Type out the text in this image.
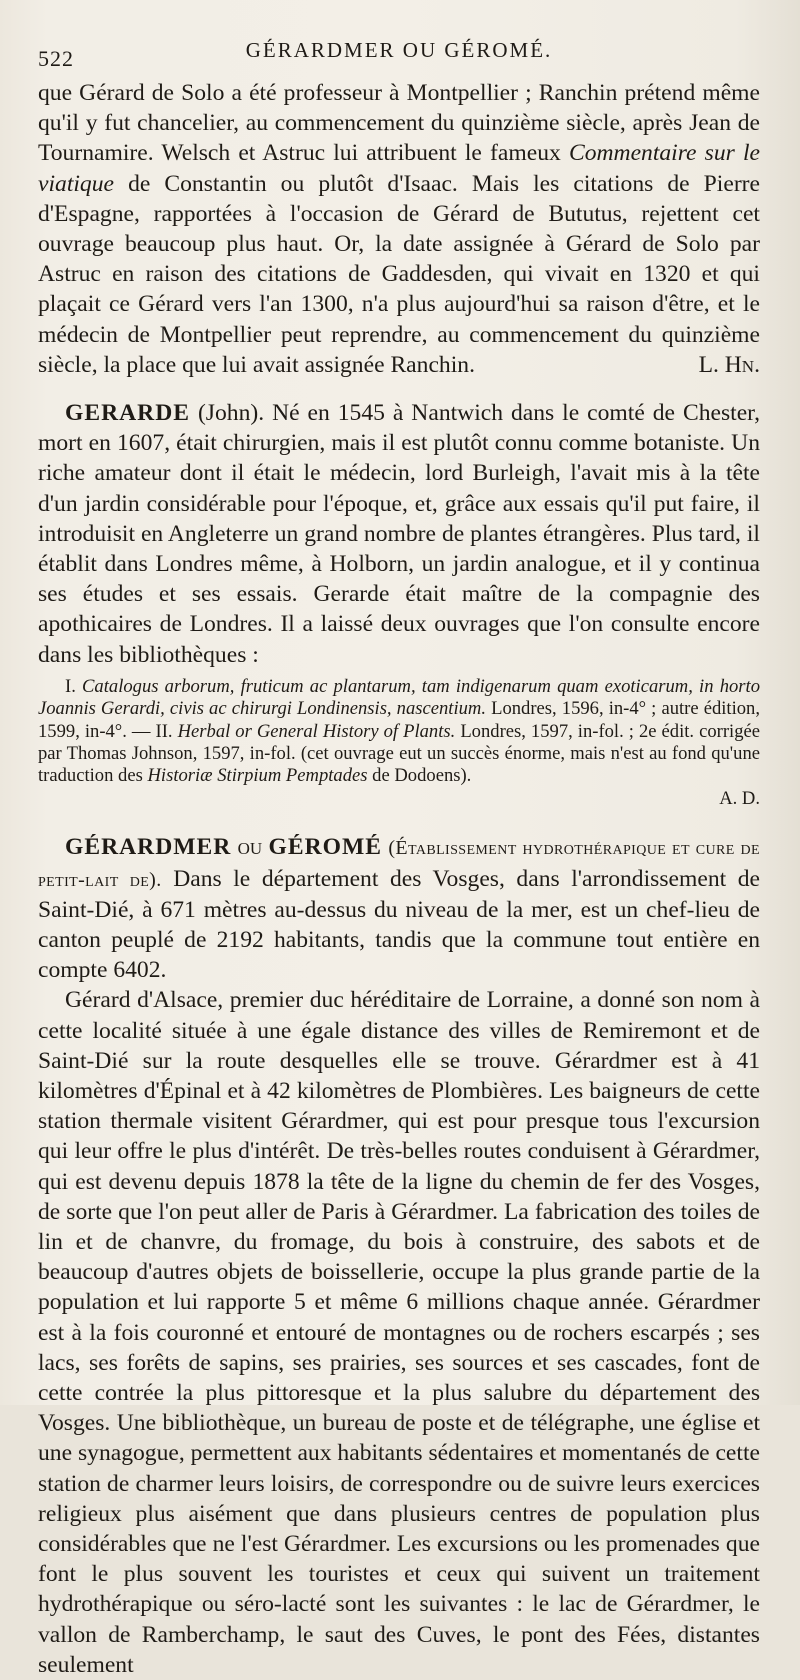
522	GÉRARDMER OU GÉROMÉ.

que Gérard de Solo a été professeur à Montpellier ; Ranchin prétend même qu'il y fut chancelier, au commencement du quinzième siècle, après Jean de Tournamire. Welsch et Astruc lui attribuent le fameux Commentaire sur le viatique de Constantin ou plutôt d'Isaac. Mais les citations de Pierre d'Espagne, rapportées à l'occasion de Gérard de Bututus, rejettent cet ouvrage beaucoup plus haut. Or, la date assignée à Gérard de Solo par Astruc en raison des citations de Gaddesden, qui vivait en 1320 et qui plaçait ce Gérard vers l'an 1300, n'a plus aujourd'hui sa raison d'être, et le médecin de Montpellier peut reprendre, au commencement du quinzième siècle, la place que lui avait assignée Ranchin.	L. Hn.

GERARDE (John). Né en 1545 à Nantwich dans le comté de Chester, mort en 1607, était chirurgien, mais il est plutôt connu comme botaniste. Un riche amateur dont il était le médecin, lord Burleigh, l'avait mis à la tête d'un jardin considérable pour l'époque, et, grâce aux essais qu'il put faire, il introduisit en Angleterre un grand nombre de plantes étrangères. Plus tard, il établit dans Londres même, à Holborn, un jardin analogue, et il y continua ses études et ses essais. Gerarde était maître de la compagnie des apothicaires de Londres. Il a laissé deux ouvrages que l'on consulte encore dans les bibliothèques :

I. Catalogus arborum, fruticum ac plantarum, tam indigenarum quam exoticarum, in horto Joannis Gerardi, civis ac chirurgi Londinensis, nascentium. Londres, 1596, in-4° ; autre édition, 1599, in-4°. — II. Herbal or General History of Plants. Londres, 1597, in-fol. ; 2e édit. corrigée par Thomas Johnson, 1597, in-fol. (cet ouvrage eut un succès énorme, mais n'est au fond qu'une traduction des Historiæ Stirpium Pemptades de Dodoens).
A. D.

GÉRARDMER ou GÉROMÉ (Établissement hydrothérapique et cure de petit-lait de). Dans le département des Vosges, dans l'arrondissement de Saint-Dié, à 671 mètres au-dessus du niveau de la mer, est un chef-lieu de canton peuplé de 2192 habitants, tandis que la commune tout entière en compte 6402.

Gérard d'Alsace, premier duc héréditaire de Lorraine, a donné son nom à cette localité située à une égale distance des villes de Remiremont et de Saint-Dié sur la route desquelles elle se trouve. Gérardmer est à 41 kilomètres d'Épinal et à 42 kilomètres de Plombières. Les baigneurs de cette station thermale visitent Gérardmer, qui est pour presque tous l'excursion qui leur offre le plus d'intérêt. De très-belles routes conduisent à Gérardmer, qui est devenu depuis 1878 la tête de la ligne du chemin de fer des Vosges, de sorte que l'on peut aller de Paris à Gérardmer. La fabrication des toiles de lin et de chanvre, du fromage, du bois à construire, des sabots et de beaucoup d'autres objets de boissellerie, occupe la plus grande partie de la population et lui rapporte 5 et même 6 millions chaque année. Gérardmer est à la fois couronné et entouré de montagnes ou de rochers escarpés ; ses lacs, ses forêts de sapins, ses prairies, ses sources et ses cascades, font de cette contrée la plus pittoresque et la plus salubre du département des Vosges. Une bibliothèque, un bureau de poste et de télégraphe, une église et une synagogue, permettent aux habitants sédentaires et momentanés de cette station de charmer leurs loisirs, de correspondre ou de suivre leurs exercices religieux plus aisément que dans plusieurs centres de population plus considérables que ne l'est Gérardmer. Les excursions ou les promenades que font le plus souvent les touristes et ceux qui suivent un traitement hydrothérapique ou séro-lacté sont les suivantes : le lac de Gérardmer, le vallon de Ramberchamp, le saut des Cuves, le pont des Fées, distantes seulement
